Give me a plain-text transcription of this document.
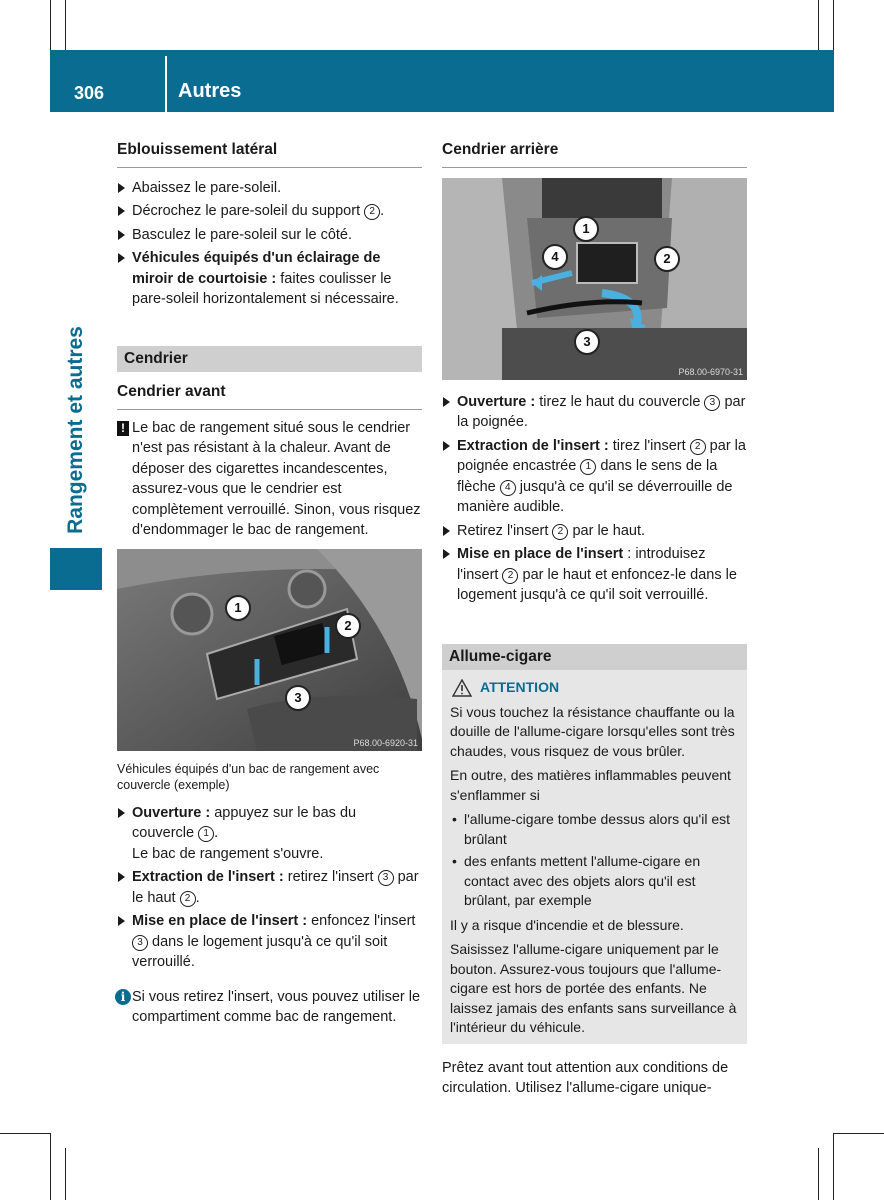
306	Autres
Rangement et autres
Eblouissement latéral
Abaissez le pare-soleil.
Décrochez le pare-soleil du support 2 .
Basculez le pare-soleil sur le côté.
Véhicules équipés d'un éclairage de miroir de courtoisie : faites coulisser le pare-soleil horizontalement si nécessaire.
Cendrier
Cendrier avant
! Le bac de rangement situé sous le cendrier n'est pas résistant à la chaleur. Avant de déposer des cigarettes incandescentes, assurez-vous que le cendrier est complètement verrouillé. Sinon, vous risquez d'endommager le bac de rangement.
1
2
3
P68.00-6920-31
Véhicules équipés d'un bac de rangement avec couvercle (exemple)
Ouverture : appuyez sur le bas du couvercle 1 .
Le bac de rangement s'ouvre.
Extraction de l'insert : retirez l'insert 3 par le haut 2 .
Mise en place de l'insert : enfoncez l'insert 3 dans le logement jusqu'à ce qu'il soit verrouillé.
i Si vous retirez l'insert, vous pouvez utiliser le compartiment comme bac de rangement.
Cendrier arrière
1
2
3
4
P68.00-6970-31
Ouverture : tirez le haut du couvercle 3 par la poignée.
Extraction de l'insert : tirez l'insert 2 par la poignée encastrée 1 dans le sens de la flèche 4 jusqu'à ce qu'il se déverrouille de manière audible.
Retirez l'insert 2 par le haut.
Mise en place de l'insert : introduisez l'insert 2 par le haut et enfoncez-le dans le logement jusqu'à ce qu'il soit verrouillé.
Allume-cigare
ATTENTION

Si vous touchez la résistance chauffante ou la douille de l'allume-cigare lorsqu'elles sont très chaudes, vous risquez de vous brûler.

En outre, des matières inflammables peuvent s'enflammer si

• l'allume-cigare tombe dessus alors qu'il est brûlant
• des enfants mettent l'allume-cigare en contact avec des objets alors qu'il est brûlant, par exemple

Il y a risque d'incendie et de blessure.

Saisissez l'allume-cigare uniquement par le bouton. Assurez-vous toujours que l'allume-cigare est hors de portée des enfants. Ne laissez jamais des enfants sans surveillance à l'intérieur du véhicule.

Prêtez avant tout attention aux conditions de circulation. Utilisez l'allume-cigare unique-
